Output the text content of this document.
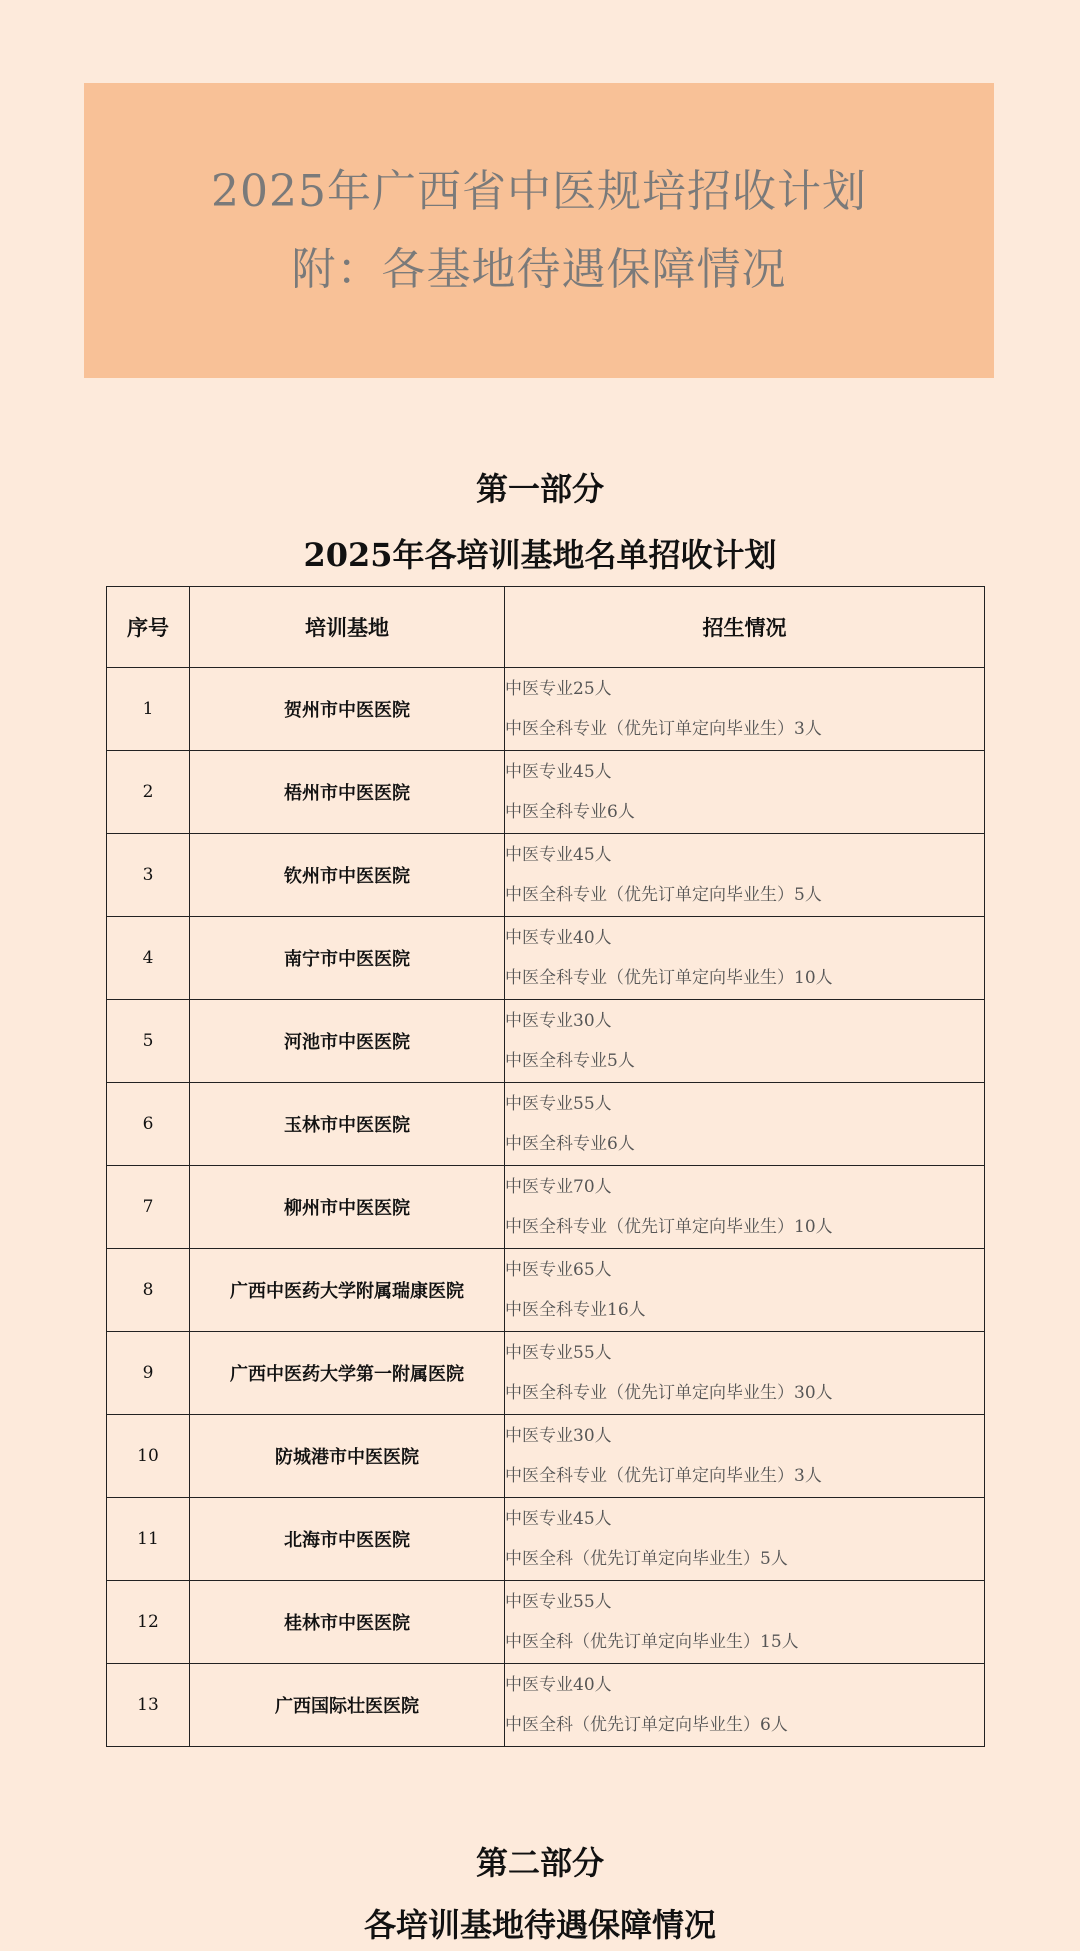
2025年广西省中医规培招收计划
附：各基地待遇保障情况
第一部分
2025年各培训基地名单招收计划
序号	培训基地	招生情况
1	贺州市中医医院	中医专业25人
中医全科专业（优先订单定向毕业生）3人

2	梧州市中医医院	中医专业45人
中医全科专业6人

3	钦州市中医医院	中医专业45人
中医全科专业（优先订单定向毕业生）5人

4	南宁市中医医院	中医专业40人
中医全科专业（优先订单定向毕业生）10人

5	河池市中医医院	中医专业30人
中医全科专业5人

6	玉林市中医医院	中医专业55人
中医全科专业6人

7	柳州市中医医院	中医专业70人
中医全科专业（优先订单定向毕业生）10人

8	广西中医药大学附属瑞康医院	中医专业65人
中医全科专业16人

9	广西中医药大学第一附属医院	中医专业55人
中医全科专业（优先订单定向毕业生）30人

10	防城港市中医医院	中医专业30人
中医全科专业（优先订单定向毕业生）3人

11	北海市中医医院	中医专业45人
中医全科（优先订单定向毕业生）5人

12	桂林市中医医院	中医专业55人
中医全科（优先订单定向毕业生）15人

13	广西国际壮医医院	中医专业40人
中医全科（优先订单定向毕业生）6人
第二部分
各培训基地待遇保障情况
